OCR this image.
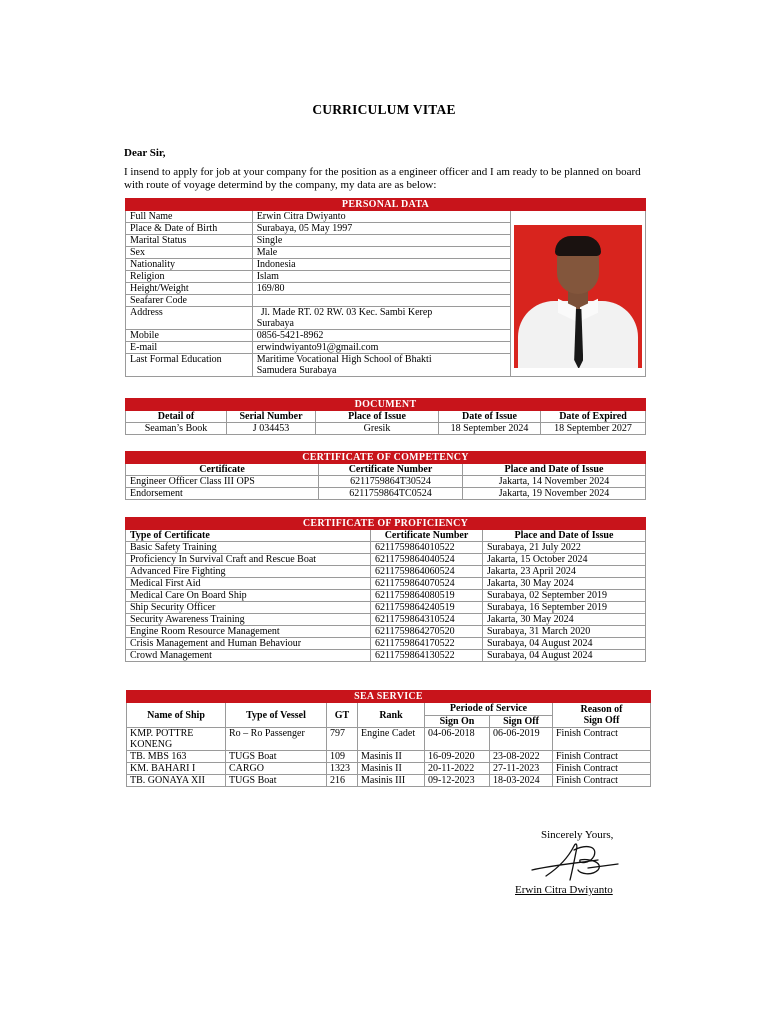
CURRICULUM VITAE
Dear Sir,
I insend to apply for job at your company for the position as a engineer officer and I am ready to be planned on board with route of voyage determind by the company, my data are as below:
PERSONAL DATA		
Full Name	Erwin Citra Dwiyanto	

Place & Date of Birth	Surabaya, 05 May 1997	
Marital Status	Single	
Sex	Male	
Nationality	Indonesia	
Religion	Islam	
Height/Weight	169/80	
Seafarer Code		
Address	Jl. Made RT. 02 RW. 03 Kec. Sambi Kerep
Surabaya	

Mobile	0856-5421-8962	
E-mail	erwindwiyanto91@gmail.com	
Last Formal Education	Maritime Vocational High School of Bhakti
Samudera Surabaya	
DOCUMENT				
Detail of	Serial Number	Place of Issue	Date of Issue	Date of Expired
Seaman’s Book	J 034453	Gresik	18 September 2024	18 September 2027
CERTIFICATE OF COMPETENCY		
Certificate	Certificate Number	Place and Date of Issue
Engineer Officer Class III OPS	6211759864T30524	Jakarta, 14 November 2024
Endorsement	6211759864TC0524	Jakarta, 19 November 2024
CERTIFICATE OF PROFICIENCY		
Type of Certificate	Certificate Number	Place and Date of Issue
Basic Safety Training	6211759864010522	Surabaya, 21 July 2022
Proficiency In Survival Craft and Rescue Boat	6211759864040524	Jakarta, 15 October 2024
Advanced Fire Fighting	6211759864060524	Jakarta, 23 April 2024
Medical First Aid	6211759864070524	Jakarta, 30 May 2024
Medical Care On Board Ship	6211759864080519	Surabaya, 02 September 2019
Ship Security Officer	6211759864240519	Surabaya, 16 September 2019
Security Awareness Training	6211759864310524	Jakarta, 30 May 2024
Engine Room Resource Management	6211759864270520	Surabaya, 31 March 2020
Crisis Management and Human Behaviour	6211759864170522	Surabaya, 04 August 2024
Crowd Management	6211759864130522	Surabaya, 04 August 2024
SEA SERVICE						
Name of Ship	Type of Vessel	GT	Rank	Periode of Service		Reason of
Sign Off

				Sign On	Sign Off	

KMP. POTTRE
KONENG	Ro – Ro Passenger	797	Engine Cadet	04-06-2018	06-06-2019	Finish Contract
TB. MBS 163	TUGS Boat	109	Masinis II	16-09-2020	23-08-2022	Finish Contract
KM. BAHARI I	CARGO	1323	Masinis II	20-11-2022	27-11-2023	Finish Contract
TB. GONAYA XII	TUGS Boat	216	Masinis III	09-12-2023	18-03-2024	Finish Contract
Sincerely Yours,
Erwin Citra Dwiyanto
